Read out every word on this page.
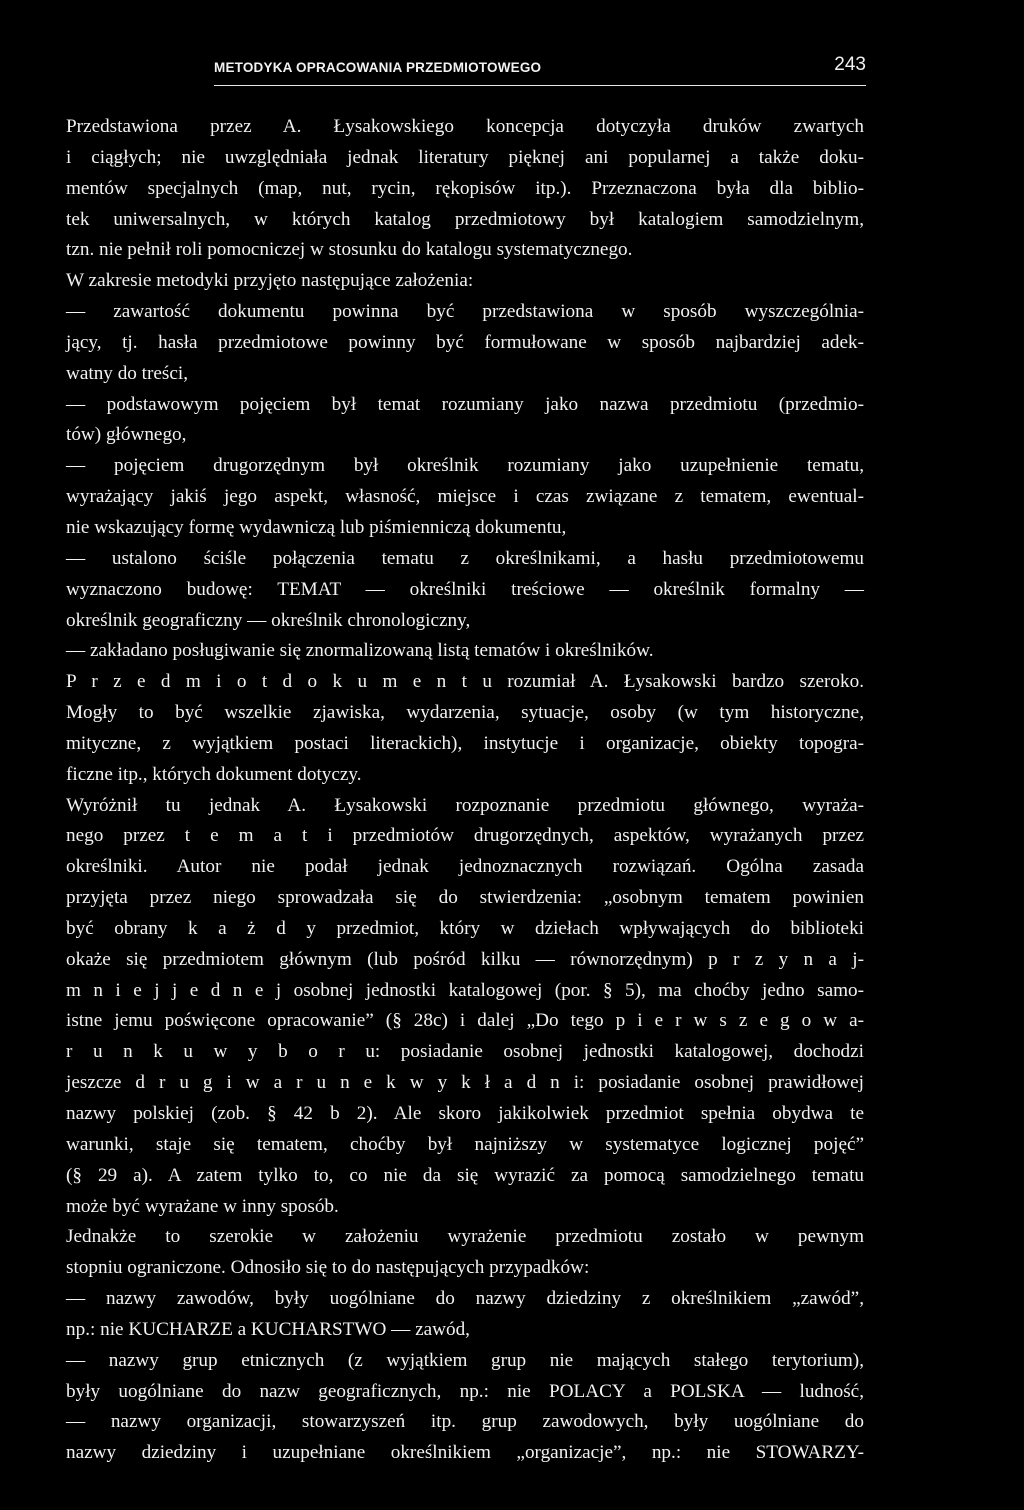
METODYKA OPRACOWANIA PRZEDMIOTOWEGO	243
Przedstawiona przez A. Łysakowskiego koncepcja dotyczyła druków zwartych
i ciągłych; nie uwzględniała jednak literatury pięknej ani popularnej a także doku-
mentów specjalnych (map, nut, rycin, rękopisów itp.). Przeznaczona była dla biblio-
tek uniwersalnych, w których katalog przedmiotowy był katalogiem samodzielnym,
tzn. nie pełnił roli pomocniczej w stosunku do katalogu systematycznego.
W zakresie metodyki przyjęto następujące założenia:
— zawartość dokumentu powinna być przedstawiona w sposób wyszczególnia-
jący, tj. hasła przedmiotowe powinny być formułowane w sposób najbardziej adek-
watny do treści,
— podstawowym pojęciem był temat rozumiany jako nazwa przedmiotu (przedmio-
tów) głównego,
— pojęciem drugorzędnym był określnik rozumiany jako uzupełnienie tematu,
wyrażający jakiś jego aspekt, własność, miejsce i czas związane z tematem, ewentual-
nie wskazujący formę wydawniczą lub piśmienniczą dokumentu,
— ustalono ściśle połączenia tematu z określnikami, a hasłu przedmiotowemu
wyznaczono budowę: TEMAT — określniki treściowe — określnik formalny —
określnik geograficzny — określnik chronologiczny,
— zakładano posługiwanie się znormalizowaną listą tematów i określników.
P r z e d m i o t d o k u m e n t u rozumiał A. Łysakowski bardzo szeroko.
Mogły to być wszelkie zjawiska, wydarzenia, sytuacje, osoby (w tym historyczne,
mityczne, z wyjątkiem postaci literackich), instytucje i organizacje, obiekty topogra-
ficzne itp., których dokument dotyczy.
Wyróżnił tu jednak A. Łysakowski rozpoznanie przedmiotu głównego, wyraża-
nego przez t e m a t i przedmiotów drugorzędnych, aspektów, wyrażanych przez
określniki. Autor nie podał jednak jednoznacznych rozwiązań. Ogólna zasada
przyjęta przez niego sprowadzała się do stwierdzenia: „osobnym tematem powinien
być obrany k a ż d y przedmiot, który w dziełach wpływających do biblioteki
okaże się przedmiotem głównym (lub pośród kilku — równorzędnym) p r z y n a j-
m n i e j j e d n e j osobnej jednostki katalogowej (por. § 5), ma choćby jedno samo-
istne jemu poświęcone opracowanie” (§ 28c) i dalej „Do tego p i e r w s z e g o w a-
r u n k u w y b o r u: posiadanie osobnej jednostki katalogowej, dochodzi
jeszcze d r u g i w a r u n e k w y k ł a d n i: posiadanie osobnej prawidłowej
nazwy polskiej (zob. § 42 b 2). Ale skoro jakikolwiek przedmiot spełnia obydwa te
warunki, staje się tematem, choćby był najniższy w systematyce logicznej pojęć”
(§ 29 a). A zatem tylko to, co nie da się wyrazić za pomocą samodzielnego tematu
może być wyrażane w inny sposób.
Jednakże to szerokie w założeniu wyrażenie przedmiotu zostało w pewnym
stopniu ograniczone. Odnosiło się to do następujących przypadków:
— nazwy zawodów, były uogólniane do nazwy dziedziny z określnikiem „zawód”,
np.: nie KUCHARZE a KUCHARSTWO — zawód,
— nazwy grup etnicznych (z wyjątkiem grup nie mających stałego terytorium),
były uogólniane do nazw geograficznych, np.: nie POLACY a POLSKA — ludność,
— nazwy organizacji, stowarzyszeń itp. grup zawodowych, były uogólniane do
nazwy dziedziny i uzupełniane określnikiem „organizacje”, np.: nie STOWARZY-
